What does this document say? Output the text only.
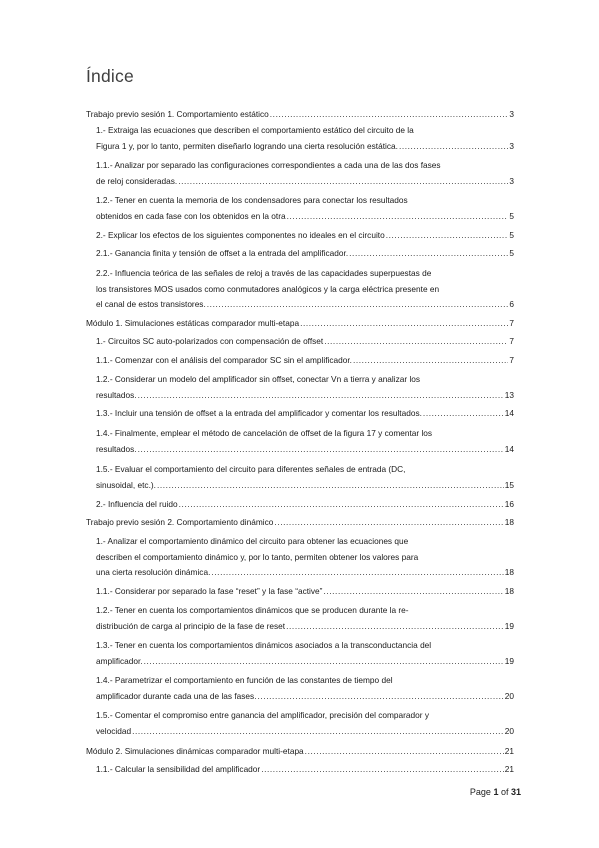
Índice
Trabajo previo sesión 1. Comportamiento estático .....	3
1.- Extraiga las ecuaciones que describen el comportamiento estático del circuito de la
Figura 1 y, por lo tanto, permiten diseñarlo logrando una cierta resolución estática. .....	3
1.1.- Analizar por separado las configuraciones correspondientes a cada una de las dos fases
de reloj consideradas. .....	3
1.2.- Tener en cuenta la memoria de los condensadores para conectar los resultados
obtenidos en cada fase con los obtenidos en la otra .....	5
2.- Explicar los efectos de los siguientes componentes no ideales en el circuito .....	5
2.1.- Ganancia finita y tensión de offset a la entrada del amplificador. .....	5
2.2.- Influencia teórica de las señales de reloj a través de las capacidades superpuestas de
los transistores MOS usados como conmutadores analógicos y la carga eléctrica presente en
el canal de estos transistores. .....	6
Módulo 1. Simulaciones estáticas comparador multi-etapa .....	7
1.- Circuitos SC auto-polarizados con compensación de offset .....	7
1.1.- Comenzar con el análisis del comparador SC sin el amplificador. .....	7
1.2.- Considerar un modelo del amplificador sin offset, conectar Vn a tierra y analizar los
resultados. .....	13
1.3.- Incluir una tensión de offset a la entrada del amplificador y comentar los resultados. .....	14
1.4.- Finalmente, emplear el método de cancelación de offset de la figura 17 y comentar los
resultados. .....	14
1.5.- Evaluar el comportamiento del circuito para diferentes señales de entrada (DC,
sinusoidal, etc.). .....	15
2.- Influencia del ruido .....	16
Trabajo previo sesión 2. Comportamiento dinámico .....	18
1.- Analizar el comportamiento dinámico del circuito para obtener las ecuaciones que
describen el comportamiento dinámico y, por lo tanto, permiten obtener los valores para
una cierta resolución dinámica. .....	18
1.1.- Considerar por separado la fase “reset” y la fase “active” .....	18
1.2.- Tener en cuenta los comportamientos dinámicos que se producen durante la re-
distribución de carga al principio de la fase de reset .....	19
1.3.- Tener en cuenta los comportamientos dinámicos asociados a la transconductancia del
amplificador. .....	19
1.4.- Parametrizar el comportamiento en función de las constantes de tiempo del
amplificador durante cada una de las fases. .....	20
1.5.- Comentar el compromiso entre ganancia del amplificador, precisión del comparador y
velocidad .....	20
Módulo 2. Simulaciones dinámicas comparador multi-etapa .....	21
1.1.- Calcular la sensibilidad del amplificador .....	21
Page 1 of 31
